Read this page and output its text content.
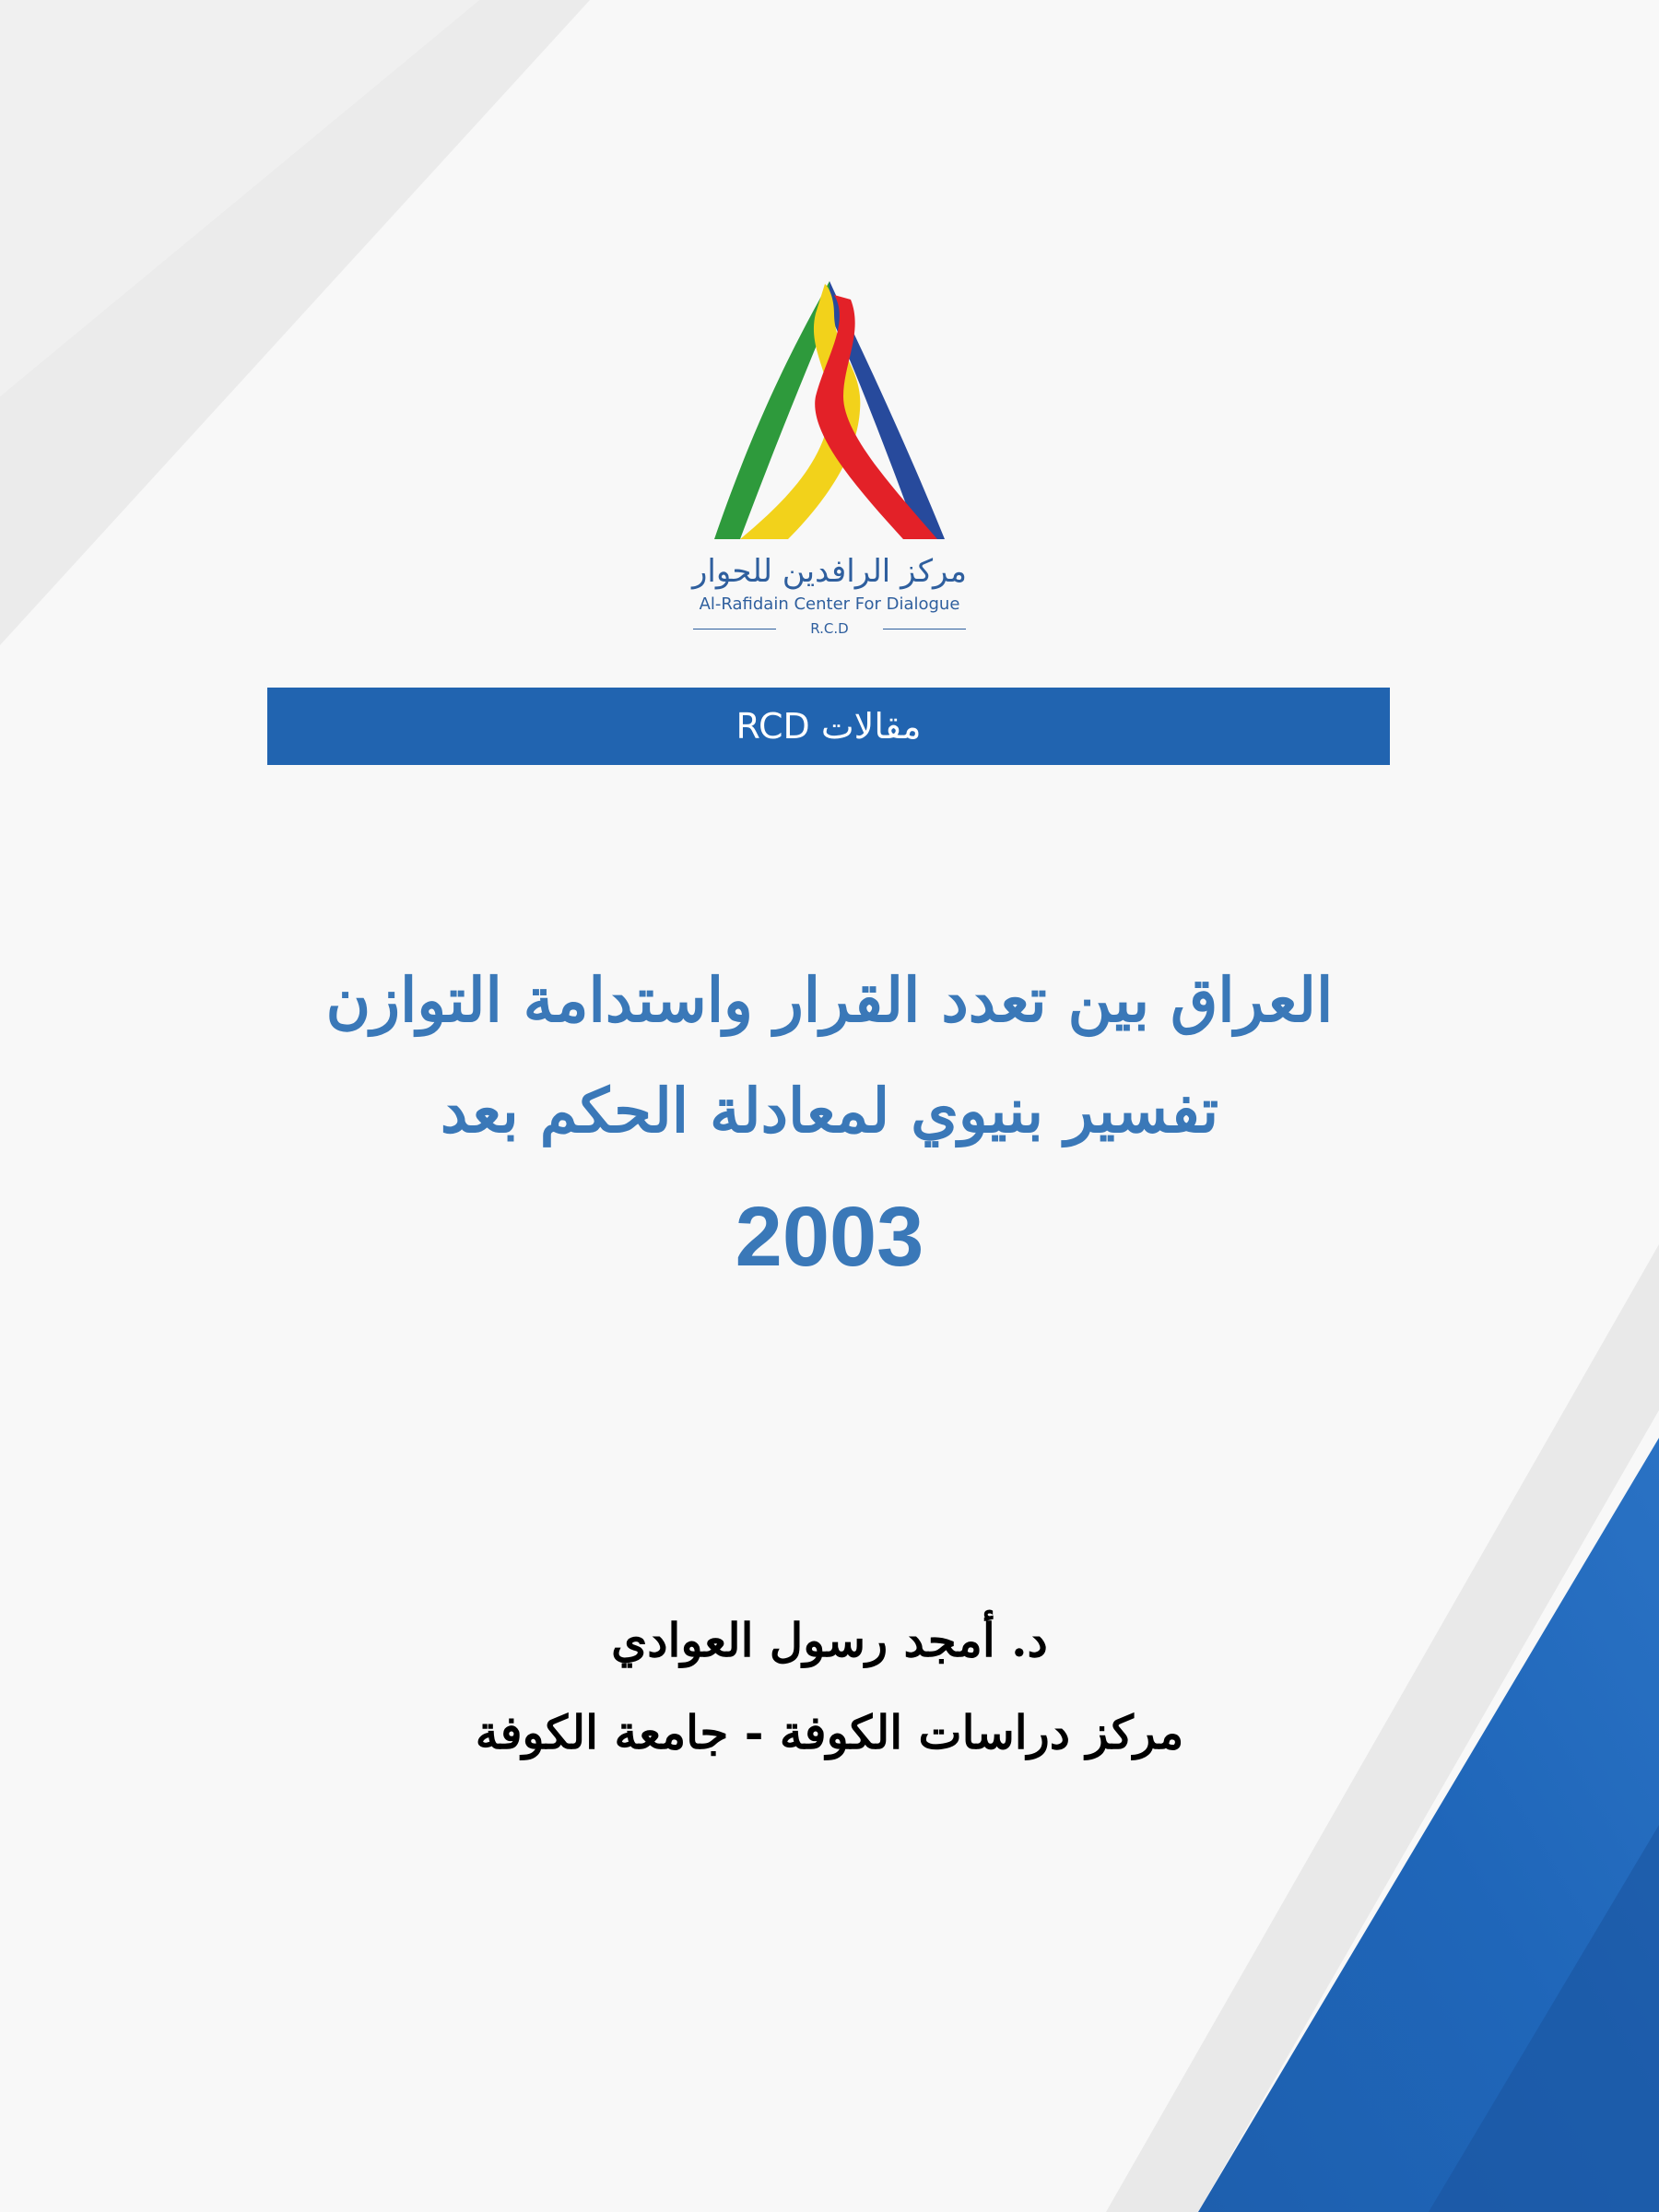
مركز الرافدين للحوار
Al-Rafidain Center For Dialogue
R.C.D
مقالات RCD
العراق بين تعدد القرار واستدامة التوازن
تفسير بنيوي لمعادلة الحكم بعد
2003
د. أمجد رسول العوادي
مركز دراسات الكوفة - جامعة الكوفة
